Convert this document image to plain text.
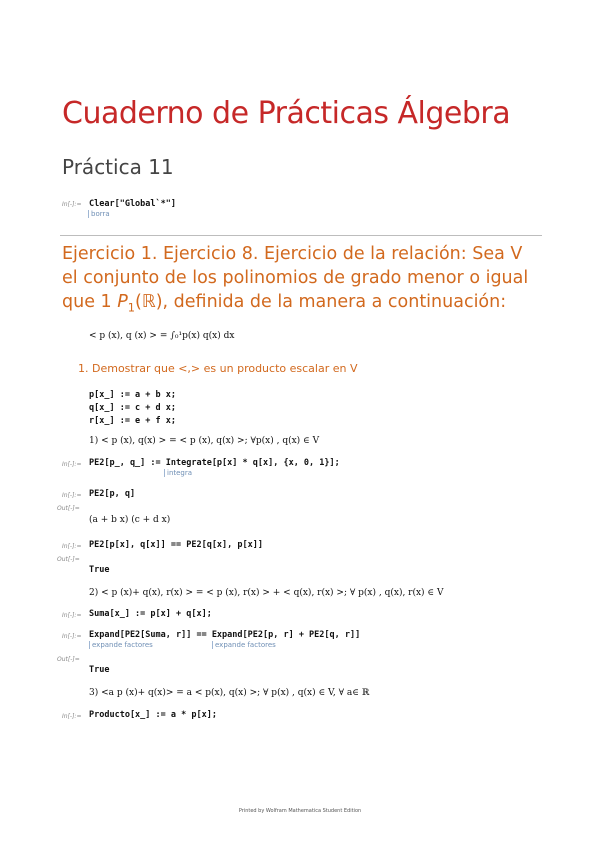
Cuaderno de Prácticas Álgebra
Práctica 11
In[-]:= Clear["Global`*"]
borra
Ejercicio 1. Ejercicio 8. Ejercicio de la relación: Sea V el conjunto de los polinomios de grado menor o igual que 1 $P_1(ℝ)$, definida de la manera a continuación:
< p (x), q (x) > = ∫₀¹p(x) q(x) dx
1. Demostrar que <,> es un producto escalar en V
p[x_] := a + b x;
q[x_] := c + d x;
r[x_] := e + f x;
1) < p (x), q(x) > = < p (x), q(x) >; ∀p(x) , q(x) ∈ V
In[-]:= PE2[p_, q_] := Integrate[p[x] * q[x], {x, 0, 1}];
integra
In[-]:= PE2[p, q]
Out[-]=
(a + b x) (c + d x)
In[-]:= PE2[p[x], q[x]] == PE2[q[x], p[x]]
Out[-]=
True
2) < p (x)+ q(x), r(x) > = < p (x), r(x) > + < q(x), r(x) >; ∀ p(x) , q(x), r(x) ∈ V
In[-]:= Suma[x_] := p[x] + q[x];
In[-]:= Expand[PE2[Suma, r]] == Expand[PE2[p, r] + PE2[q, r]]
expande factores	expande factores
Out[-]=
True
3) <a p (x)+ q(x)> = a < p(x), q(x) >; ∀ p(x) , q(x) ∈ V, ∀ a∈ ℝ
In[-]:= Producto[x_] := a * p[x];
Printed by Wolfram Mathematica Student Edition
